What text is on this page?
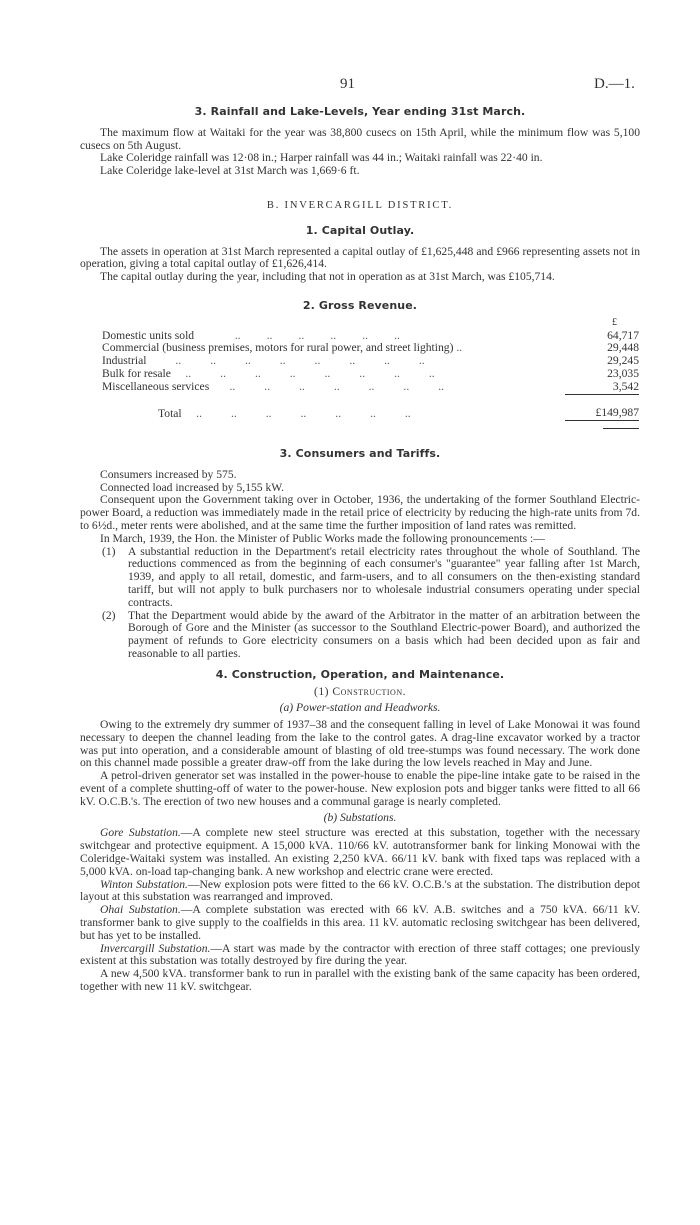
91	D.—1.
3. Rainfall and Lake-Levels, Year ending 31st March.

The maximum flow at Waitaki for the year was 38,800 cusecs on 15th April, while the minimum flow was 5,100 cusecs on 5th August.

Lake Coleridge rainfall was 12·08 in.; Harper rainfall was 44 in.; Waitaki rainfall was 22·40 in.

Lake Coleridge lake-level at 31st March was 1,669·6 ft.

B. INVERCARGILL DISTRICT.
1. Capital Outlay.

The assets in operation at 31st March represented a capital outlay of £1,625,448 and £966 representing assets not in operation, giving a total capital outlay of £1,626,414.

The capital outlay during the year, including that not in operation as at 31st March, was £105,714.

2. Gross Revenue.
	£
Domestic units sold              ..         ..         ..         ..         ..         ..	64,717
Commercial (business premises, motors for rural power, and street lighting) ..	29,448
Industrial          ..          ..          ..          ..          ..          ..          ..          ..	29,245
Bulk for resale     ..          ..          ..          ..          ..          ..          ..          ..	23,035
Miscellaneous services       ..          ..          ..          ..          ..          ..          ..	3,542

Total     ..          ..          ..          ..          ..          ..          ..	£149,987

3. Consumers and Tariffs.

Consumers increased by 575.

Connected load increased by 5,155 kW.

Consequent upon the Government taking over in October, 1936, the undertaking of the former Southland Electric-power Board, a reduction was immediately made in the retail price of electricity by reducing the high-rate units from 7d. to 6½d., meter rents were abolished, and at the same time the further imposition of land rates was remitted.

In March, 1939, the Hon. the Minister of Public Works made the following pronouncements :—

(1)	A substantial reduction in the Department's retail electricity rates throughout the whole of Southland. The reductions commenced as from the beginning of each consumer's "guarantee" year falling after 1st March, 1939, and apply to all retail, domestic, and farm-users, and to all consumers on the then-existing standard tariff, but will not apply to bulk purchasers nor to wholesale industrial consumers operating under special contracts.
(2)	That the Department would abide by the award of the Arbitrator in the matter of an arbitration between the Borough of Gore and the Minister (as successor to the Southland Electric-power Board), and authorized the payment of refunds to Gore electricity consumers on a basis which had been decided upon as fair and reasonable to all parties.
4. Construction, Operation, and Maintenance.
(1) Construction.
(a) Power-station and Headworks.

Owing to the extremely dry summer of 1937–38 and the consequent falling in level of Lake Monowai it was found necessary to deepen the channel leading from the lake to the control gates. A drag-line excavator worked by a tractor was put into operation, and a considerable amount of blasting of old tree-stumps was found necessary. The work done on this channel made possible a greater draw-off from the lake during the low levels reached in May and June.

A petrol-driven generator set was installed in the power-house to enable the pipe-line intake gate to be raised in the event of a complete shutting-off of water to the power-house. New explosion pots and bigger tanks were fitted to all 66 kV. O.C.B.'s. The erection of two new houses and a communal garage is nearly completed.

(b) Substations.

Gore Substation.—A complete new steel structure was erected at this substation, together with the necessary switchgear and protective equipment. A 15,000 kVA. 110/66 kV. autotransformer bank for linking Monowai with the Coleridge-Waitaki system was installed. An existing 2,250 kVA. 66/11 kV. bank with fixed taps was replaced with a 5,000 kVA. on-load tap-changing bank. A new workshop and electric crane were erected.

Winton Substation.—New explosion pots were fitted to the 66 kV. O.C.B.'s at the substation. The distribution depot layout at this substation was rearranged and improved.

Ohai Substation.—A complete substation was erected with 66 kV. A.B. switches and a 750 kVA. 66/11 kV. transformer bank to give supply to the coalfields in this area. 11 kV. automatic reclosing switchgear has been delivered, but has yet to be installed.

Invercargill Substation.—A start was made by the contractor with erection of three staff cottages; one previously existent at this substation was totally destroyed by fire during the year.

A new 4,500 kVA. transformer bank to run in parallel with the existing bank of the same capacity has been ordered, together with new 11 kV. switchgear.
